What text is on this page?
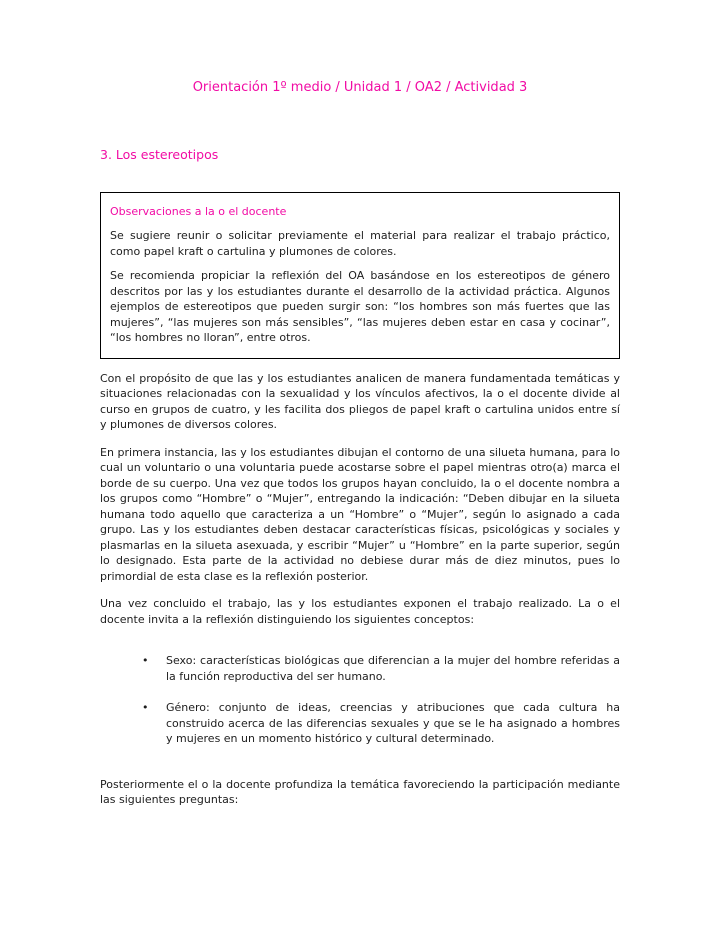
Orientación 1º medio / Unidad 1 / OA2 / Actividad 3
3. Los estereotipos

Observaciones a la o el docente

Se sugiere reunir o solicitar previamente el material para realizar el trabajo práctico, como papel kraft o cartulina y plumones de colores.

Se recomienda propiciar la reflexión del OA basándose en los estereotipos de género descritos por las y los estudiantes durante el desarrollo de la actividad práctica. Algunos ejemplos de estereotipos que pueden surgir son: “los hombres son más fuertes que las mujeres”, “las mujeres son más sensibles”, “las mujeres deben estar en casa y cocinar”, “los hombres no lloran”, entre otros.

Con el propósito de que las y los estudiantes analicen de manera fundamentada temáticas y situaciones relacionadas con la sexualidad y los vínculos afectivos, la o el docente divide al curso en grupos de cuatro, y les facilita dos pliegos de papel kraft o cartulina unidos entre sí y plumones de diversos colores.

En primera instancia, las y los estudiantes dibujan el contorno de una silueta humana, para lo cual un voluntario o una voluntaria puede acostarse sobre el papel mientras otro(a) marca el borde de su cuerpo. Una vez que todos los grupos hayan concluido, la o el docente nombra a los grupos como “Hombre” o “Mujer”, entregando la indicación: “Deben dibujar en la silueta humana todo aquello que caracteriza a un “Hombre” o “Mujer”, según lo asignado a cada grupo. Las y los estudiantes deben destacar características físicas, psicológicas y sociales y plasmarlas en la silueta asexuada, y escribir “Mujer” u “Hombre” en la parte superior, según lo designado. Esta parte de la actividad no debiese durar más de diez minutos, pues lo primordial de esta clase es la reflexión posterior.

Una vez concluido el trabajo, las y los estudiantes exponen el trabajo realizado. La o el docente invita a la reflexión distinguiendo los siguientes conceptos:

•	Sexo: características biológicas que diferencian a la mujer del hombre referidas a la función reproductiva del ser humano.
•	Género: conjunto de ideas, creencias y atribuciones que cada cultura ha construido acerca de las diferencias sexuales y que se le ha asignado a hombres y mujeres en un momento histórico y cultural determinado.

Posteriormente el o la docente profundiza la temática favoreciendo la participación mediante las siguientes preguntas:
